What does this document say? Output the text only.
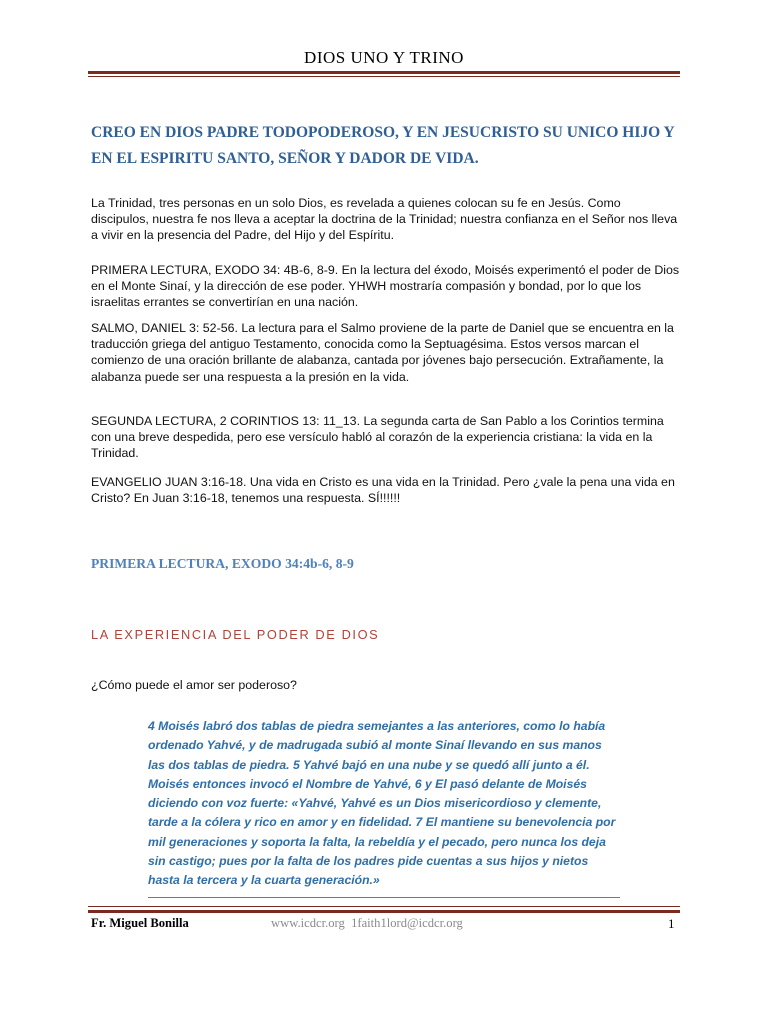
DIOS UNO Y TRINO
CREO EN DIOS PADRE TODOPODEROSO, Y EN JESUCRISTO SU UNICO HIJO Y EN EL ESPIRITU SANTO, SEÑOR Y DADOR DE VIDA.
La Trinidad, tres personas en un solo Dios, es revelada a quienes colocan su fe en Jesús. Como discipulos, nuestra fe nos lleva a aceptar la doctrina de la Trinidad; nuestra confianza en el Señor nos lleva a vivir en la presencia del Padre, del Hijo y del Espíritu.
PRIMERA LECTURA, EXODO 34: 4B-6, 8-9. En la lectura del éxodo, Moisés experimentó el poder de Dios en el Monte Sinaí, y la dirección de ese poder. YHWH mostraría compasión y bondad, por lo que los israelitas errantes se convertirían en una nación.
SALMO, DANIEL 3: 52-56. La lectura para el Salmo proviene de la parte de Daniel que se encuentra en la traducción griega del antiguo Testamento, conocida como la Septuagésima. Estos versos marcan el comienzo de una oración brillante de alabanza, cantada por jóvenes bajo persecución. Extrañamente, la alabanza puede ser una respuesta a la presión en la vida.
SEGUNDA LECTURA, 2 CORINTIOS 13: 11_13. La segunda carta de San Pablo a los Corintios termina con una breve despedida, pero ese versículo habló al corazón de la experiencia cristiana: la vida en la Trinidad.
EVANGELIO JUAN 3:16-18. Una vida en Cristo es una vida en la Trinidad. Pero ¿vale la pena una vida en Cristo? En Juan 3:16-18, tenemos una respuesta. SÍ!!!!!!
PRIMERA LECTURA, EXODO 34:4b-6, 8-9
LA EXPERIENCIA DEL PODER DE DIOS
¿Cómo puede el amor ser poderoso?
4 Moisés labró dos tablas de piedra semejantes a las anteriores, como lo había ordenado Yahvé, y de madrugada subió al monte Sinaí llevando en sus manos las dos tablas de piedra. 5 Yahvé bajó en una nube y se quedó allí junto a él. Moisés entonces invocó el Nombre de Yahvé, 6 y El pasó delante de Moisés diciendo con voz fuerte: «Yahvé, Yahvé es un Dios misericordioso y clemente, tarde a la cólera y rico en amor y en fidelidad. 7 El mantiene su benevolencia por mil generaciones y soporta la falta, la rebeldía y el pecado, pero nunca los deja sin castigo; pues por la falta de los padres pide cuentas a sus hijos y nietos hasta la tercera y la cuarta generación.»
Fr. Miguel Bonilla	www.icdcr.org  1faith1lord@icdcr.org	1
